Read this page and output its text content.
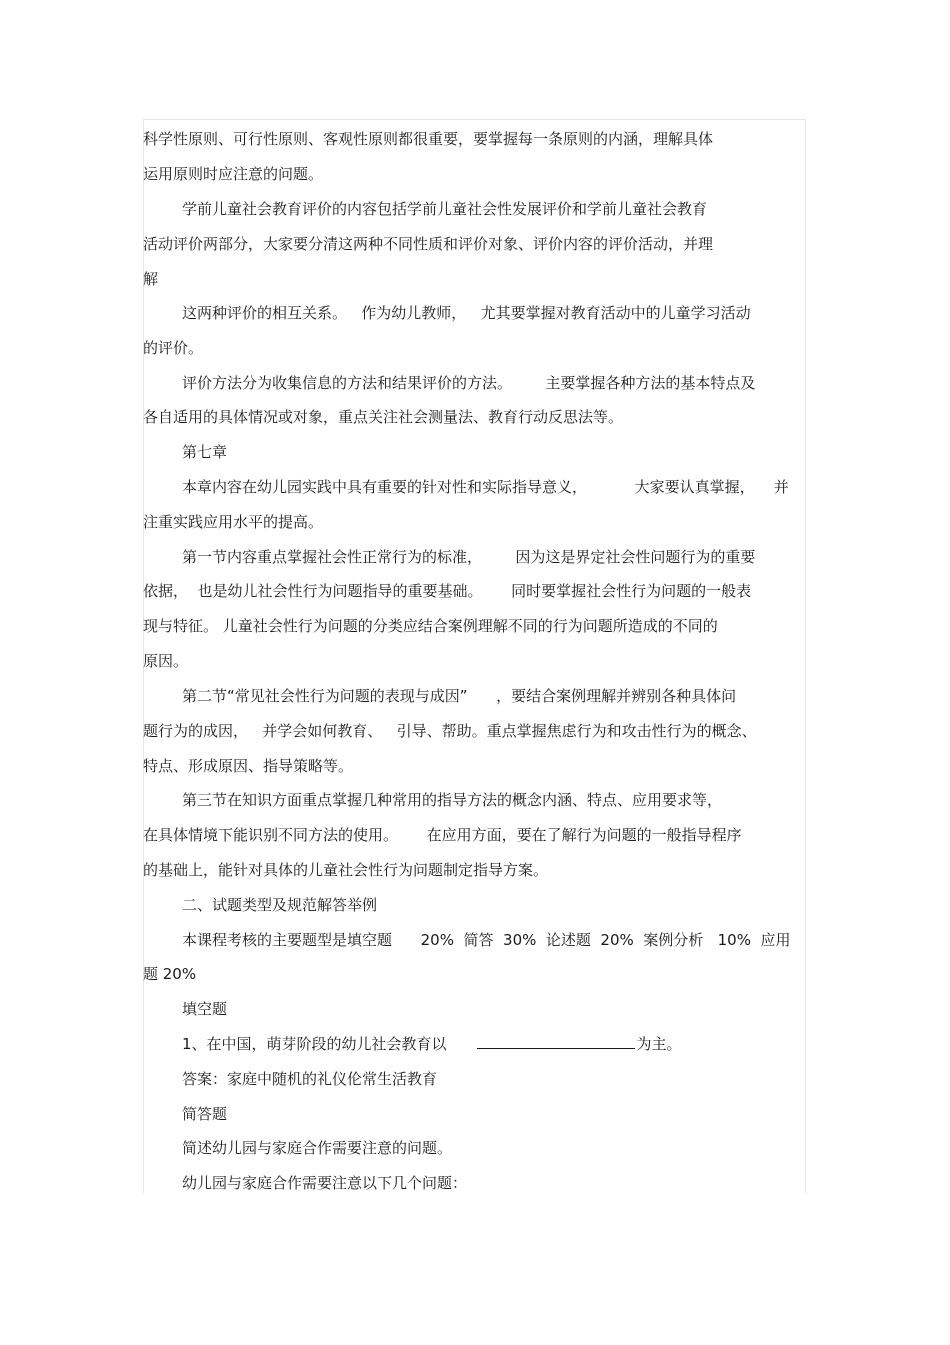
科学性原则、可行性原则、客观性原则都很重要，要掌握每一条原则的内涵，理解具体
运用原则时应注意的问题。
学前儿童社会教育评价的内容包括学前儿童社会性发展评价和学前儿童社会教育
活动评价两部分，大家要分清这两种不同性质和评价对象、评价内容的评价活动，并理
解
这两种评价的相互关系。   作为幼儿教师，   尤其要掌握对教育活动中的儿童学习活动
的评价。
评价方法分为收集信息的方法和结果评价的方法。       主要掌握各种方法的基本特点及
各自适用的具体情况或对象，重点关注社会测量法、教育行动反思法等。
第七章
本章内容在幼儿园实践中具有重要的针对性和实际指导意义，          大家要认真掌握，    并
注重实践应用水平的提高。
第一节内容重点掌握社会性正常行为的标准，       因为这是界定社会性问题行为的重要
依据，  也是幼儿社会性行为问题指导的重要基础。      同时要掌握社会性行为问题的一般表
现与特征。 儿童社会性行为问题的分类应结合案例理解不同的行为问题所造成的不同的
原因。
第二节“常见社会性行为问题的表现与成因”      ，要结合案例理解并辨别各种具体问
题行为的成因，   并学会如何教育、   引导、帮助。重点掌握焦虑行为和攻击性行为的概念、
特点、形成原因、指导策略等。
第三节在知识方面重点掌握几种常用的指导方法的概念内涵、特点、应用要求等，
在具体情境下能识别不同方法的使用。      在应用方面，要在了解行为问题的一般指导程序
的基础上，能针对具体的儿童社会性行为问题制定指导方案。
二、试题类型及规范解答举例
本课程考核的主要题型是填空题      20%  简答  30%  论述题  20%  案例分析   10%  应用
题 20%
填空题
1、在中国，萌芽阶段的幼儿社会教育以	为主。
答案：家庭中随机的礼仪伦常生活教育
简答题
简述幼儿园与家庭合作需要注意的问题。
幼儿园与家庭合作需要注意以下几个问题：
